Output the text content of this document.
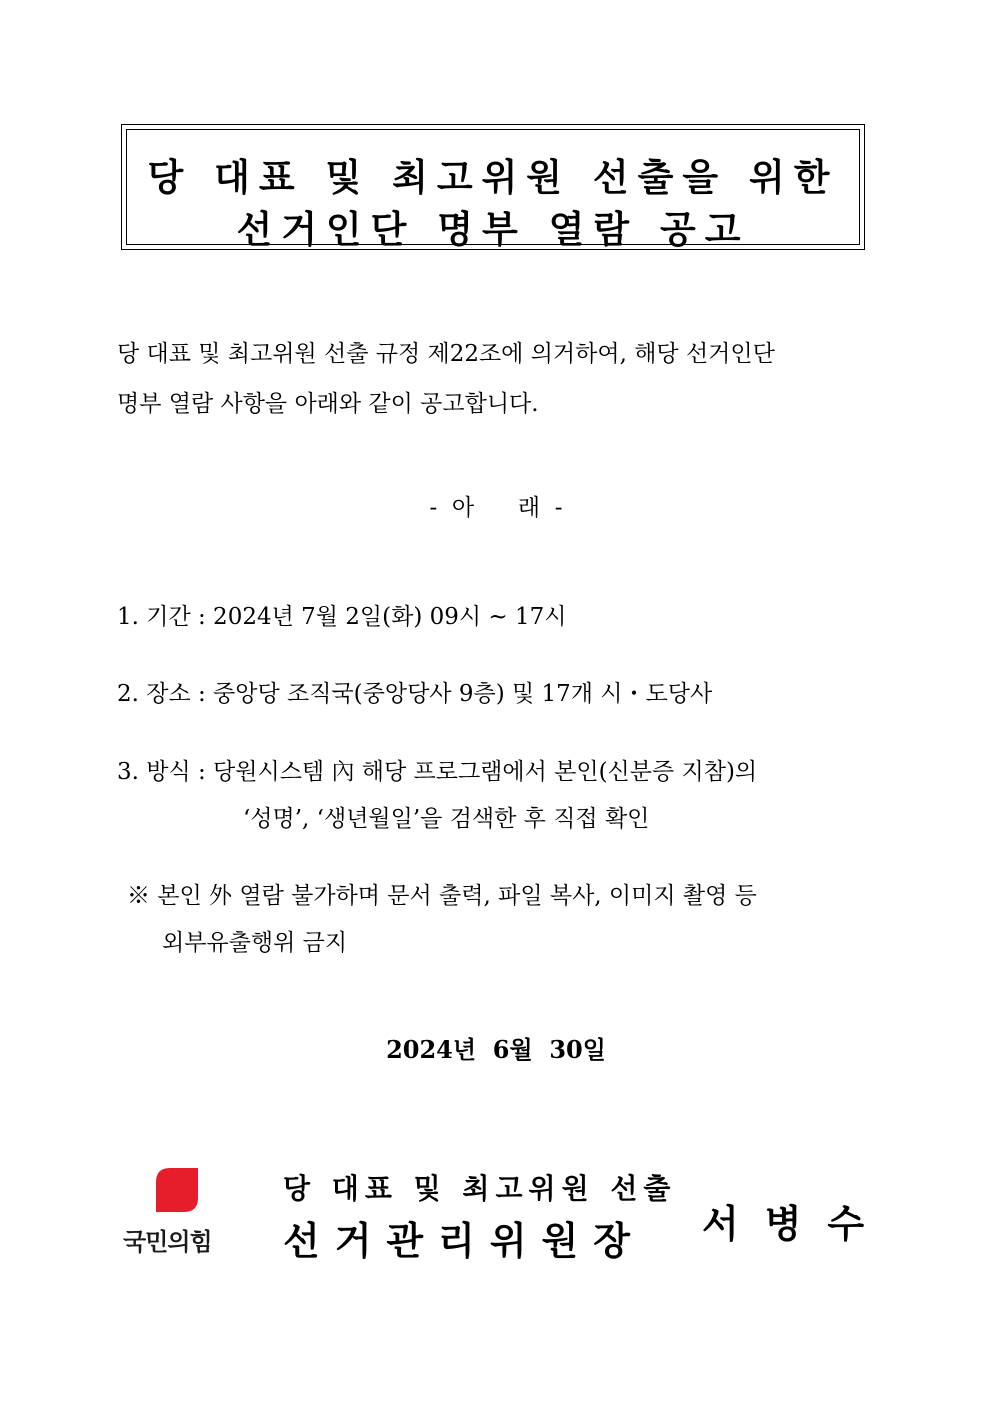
당 대표 및 최고위원 선출을 위한
선거인단 명부 열람 공고
당 대표 및 최고위원 선출 규정 제22조에 의거하여, 해당 선거인단
명부 열람 사항을 아래와 같이 공고합니다.
-  아      래  -
1. 기간 : 2024년 7월 2일(화) 09시 ~ 17시
2. 장소 : 중앙당 조직국(중앙당사 9층) 및 17개 시・도당사
3. 방식 : 당원시스템 內 해당 프로그램에서 본인(신분증 지참)의
‘성명’, ‘생년월일’을 검색한 후 직접 확인
※ 본인 外 열람 불가하며 문서 출력, 파일 복사, 이미지 촬영 등
외부유출행위 금지
2024년  6월  30일
국민의힘
당 대표 및 최고위원 선출
선거관리위원장 서병수
